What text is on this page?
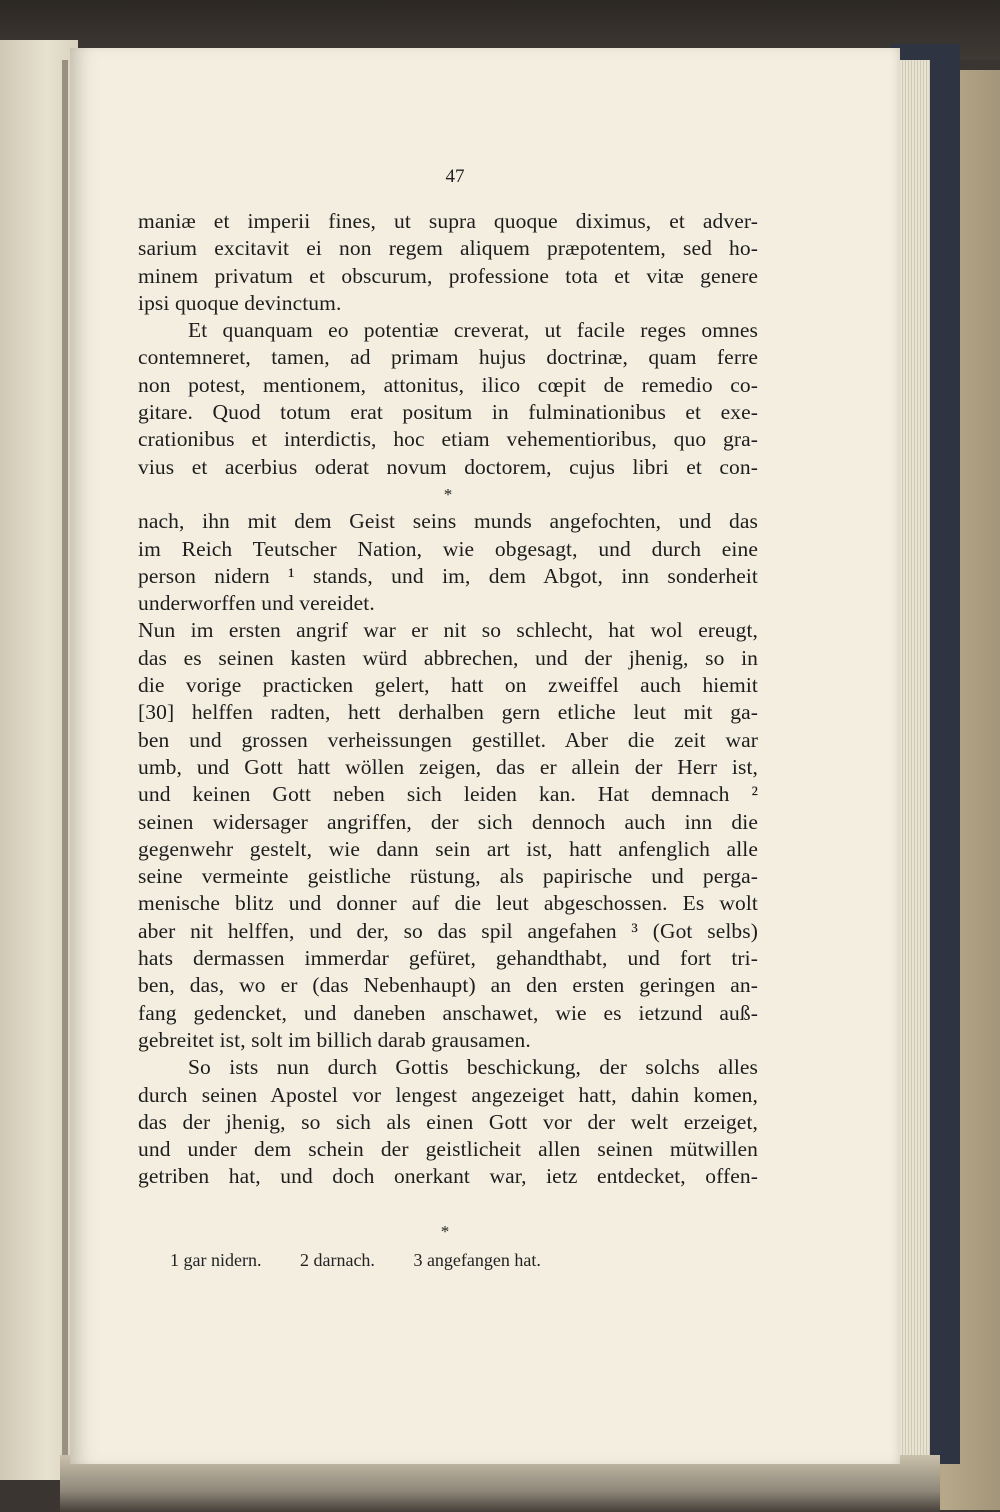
47
maniæ et imperii fines, ut supra quoque diximus, et adver-
sarium excitavit ei non regem aliquem præpotentem, sed ho-
minem privatum et obscurum, professione tota et vitæ genere
ipsi quoque devinctum.
Et quanquam eo potentiæ creverat, ut facile reges omnes
contemneret, tamen, ad primam hujus doctrinæ, quam ferre
non potest, mentionem, attonitus, ilico cœpit de remedio co-
gitare. Quod totum erat positum in fulminationibus et exe-
crationibus et interdictis, hoc etiam vehementioribus, quo gra-
vius et acerbius oderat novum doctorem, cujus libri et con-
*
nach, ihn mit dem Geist seins munds angefochten, und das
im Reich Teutscher Nation, wie obgesagt, und durch eine
person nidern ¹ stands, und im, dem Abgot, inn sonderheit
underworffen und vereidet.
Nun im ersten angrif war er nit so schlecht, hat wol ereugt,
das es seinen kasten würd abbrechen, und der jhenig, so in
die vorige practicken gelert, hatt on zweiffel auch hiemit
[30] helffen radten, hett derhalben gern etliche leut mit ga-
ben und grossen verheissungen gestillet. Aber die zeit war
umb, und Gott hatt wöllen zeigen, das er allein der Herr ist,
und keinen Gott neben sich leiden kan. Hat demnach ²
seinen widersager angriffen, der sich dennoch auch inn die
gegenwehr gestelt, wie dann sein art ist, hatt anfenglich alle
seine vermeinte geistliche rüstung, als papirische und perga-
menische blitz und donner auf die leut abgeschossen. Es wolt
aber nit helffen, und der, so das spil angefahen ³ (Got selbs)
hats dermassen immerdar gefüret, gehandthabt, und fort tri-
ben, das, wo er (das Nebenhaupt) an den ersten geringen an-
fang gedencket, und daneben anschawet, wie es ietzund auß-
gebreitet ist, solt im billich darab grausamen.
So ists nun durch Gottis beschickung, der solchs alles
durch seinen Apostel vor lengest angezeiget hatt, dahin komen,
das der jhenig, so sich als einen Gott vor der welt erzeiget,
und under dem schein der geistlicheit allen seinen mütwillen
getriben hat, und doch onerkant war, ietz entdecket, offen-
*
1 gar nidern. 2 darnach. 3 angefangen hat.
